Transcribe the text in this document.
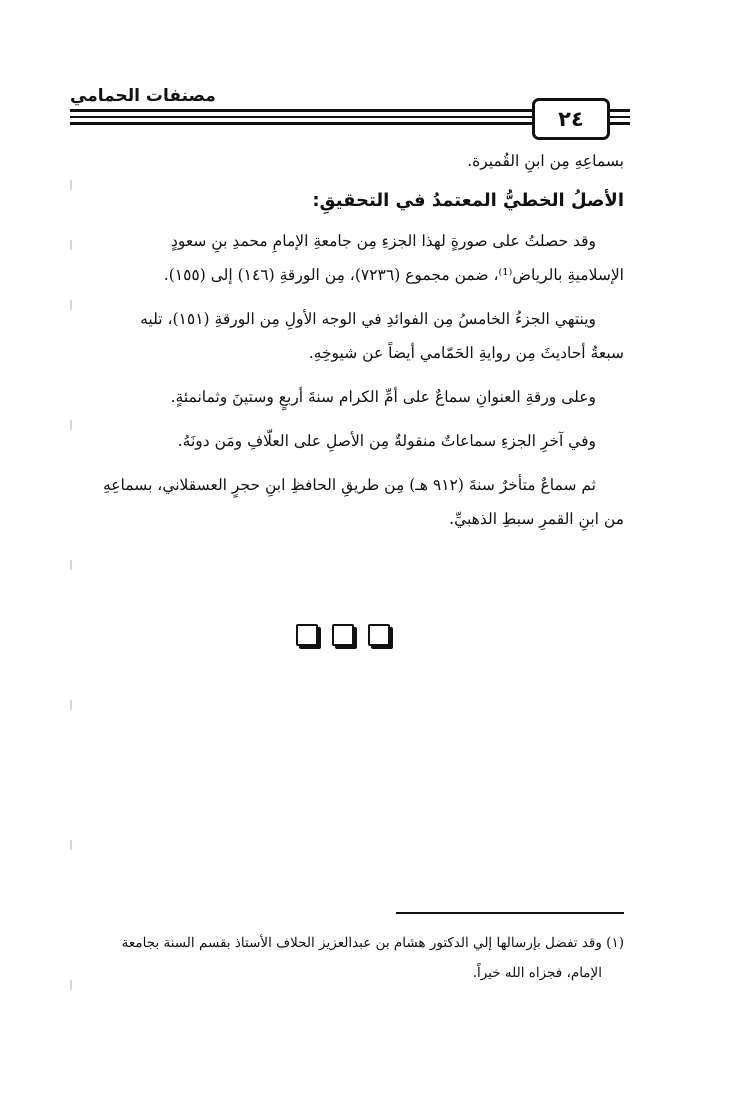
مصنفات الحمامي
٢٤

بسماعِهِ مِن ابنِ القُميرة.

الأصلُ الخطيُّ المعتمدُ في التحقيقِ:

وقد حصلتُ على صورةٍ لهذا الجزءِ مِن جامعةِ الإمامِ محمدِ بنِ سعودٍ

الإسلاميةِ بالرياض⁽¹⁾، ضمن مجموع (٧٢٣٦)، مِن الورقةِ (١٤٦) إلى (١٥٥).

وينتهي الجزءُ الخامسُ مِن الفوائدِ في الوجه الأولِ مِن الورقةِ (١٥١)، تليه

سبعةُ أحاديثَ مِن روايةِ الحَمّامي أيضاً عن شيوخِهِ.

وعلى ورقةِ العنوانِ سماعٌ على أمِّ الكرام سنةَ أربعٍ وستينَ وثمانمئةٍ.

وفي آخرِ الجزءِ سماعاتٌ منقولةٌ مِن الأصلِ على العلّافِ ومَن دونَهُ.

ثم سماعٌ متأخرٌ سنةَ (٩١٢ هـ) مِن طريقِ الحافظِ ابنِ حجرٍ العسقلاني، بسماعِهِ

من ابنِ القمرِ سبطِ الذهبيِّ.

(١) وقد تفضل بإرسالها إلي الدكتور هشام بن عبدالعزيز الحلاف الأستاذ بقسم السنة بجامعة

الإمام، فجزاه الله خيراً.
